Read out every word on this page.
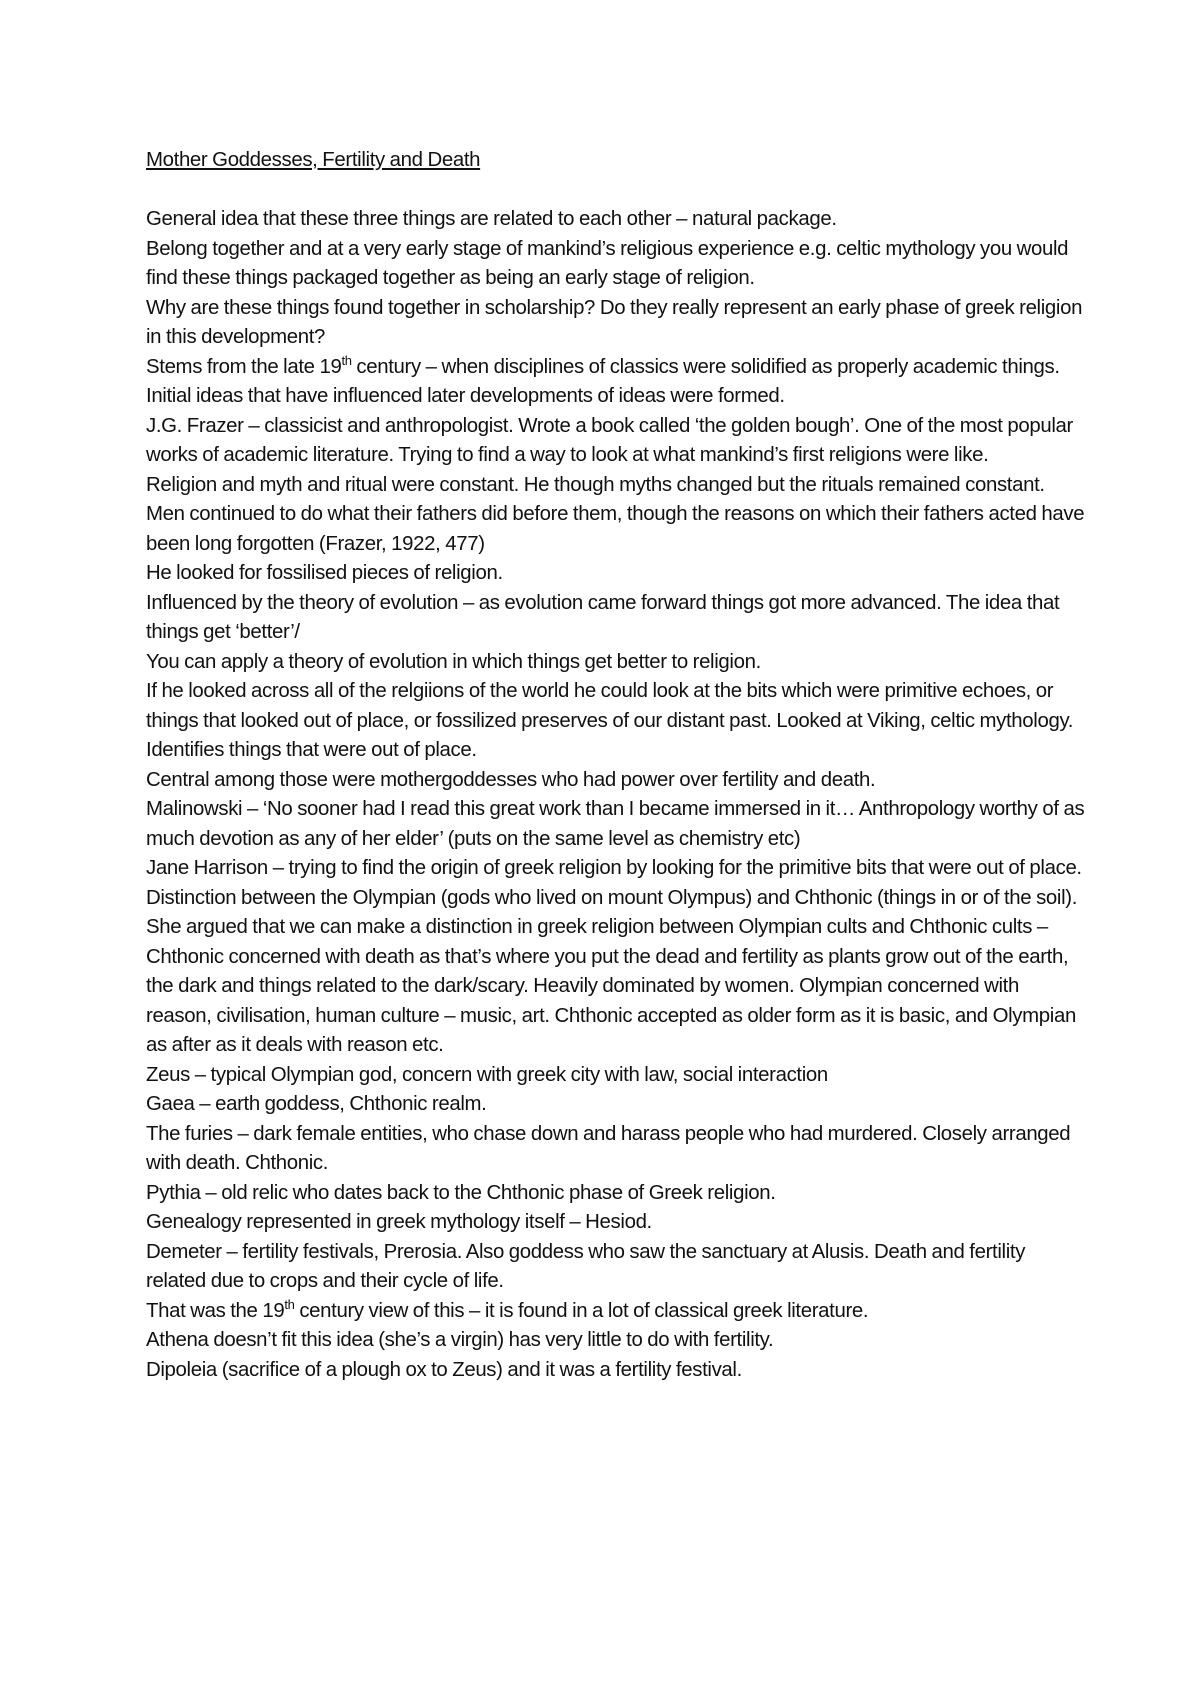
Mother Goddesses, Fertility and Death

General idea that these three things are related to each other – natural package.

Belong together and at a very early stage of mankind’s religious experience e.g. celtic mythology you would find these things packaged together as being an early stage of religion.

Why are these things found together in scholarship? Do they really represent an early phase of greek religion in this development?

Stems from the late 19th century – when disciplines of classics were solidified as properly academic things. Initial ideas that have influenced later developments of ideas were formed.

J.G. Frazer – classicist and anthropologist. Wrote a book called ‘the golden bough’. One of the most popular works of academic literature. Trying to find a way to look at what mankind’s first religions were like.

Religion and myth and ritual were constant. He though myths changed but the rituals remained constant. Men continued to do what their fathers did before them, though the reasons on which their fathers acted have been long forgotten (Frazer, 1922, 477)

He looked for fossilised pieces of religion.

Influenced by the theory of evolution – as evolution came forward things got more advanced. The idea that things get ‘better’/

You can apply a theory of evolution in which things get better to religion.

If he looked across all of the relgiions of the world he could look at the bits which were primitive echoes, or things that looked out of place, or fossilized preserves of our distant past. Looked at Viking, celtic mythology. Identifies things that were out of place.

Central among those were mothergoddesses who had power over fertility and death.

Malinowski – ‘No sooner had I read this great work than I became immersed in it… Anthropology worthy of as much devotion as any of her elder’ (puts on the same level as chemistry etc)

Jane Harrison – trying to find the origin of greek religion by looking for the primitive bits that were out of place.

Distinction between the Olympian (gods who lived on mount Olympus) and Chthonic (things in or of the soil).

She argued that we can make a distinction in greek religion between Olympian cults and Chthonic cults – Chthonic concerned with death as that’s where you put the dead and fertility as plants grow out of the earth, the dark and things related to the dark/scary. Heavily dominated by women. Olympian concerned with reason, civilisation, human culture – music, art. Chthonic accepted as older form as it is basic, and Olympian as after as it deals with reason etc.

Zeus – typical Olympian god, concern with greek city with law, social interaction

Gaea – earth goddess, Chthonic realm.

The furies – dark female entities, who chase down and harass people who had murdered. Closely arranged with death. Chthonic.

Pythia – old relic who dates back to the Chthonic phase of Greek religion.

Genealogy represented in greek mythology itself – Hesiod.

Demeter – fertility festivals, Prerosia. Also goddess who saw the sanctuary at Alusis. Death and fertility related due to crops and their cycle of life.

That was the 19th century view of this – it is found in a lot of classical greek literature.

Athena doesn’t fit this idea (she’s a virgin) has very little to do with fertility.

Dipoleia (sacrifice of a plough ox to Zeus) and it was a fertility festival.
